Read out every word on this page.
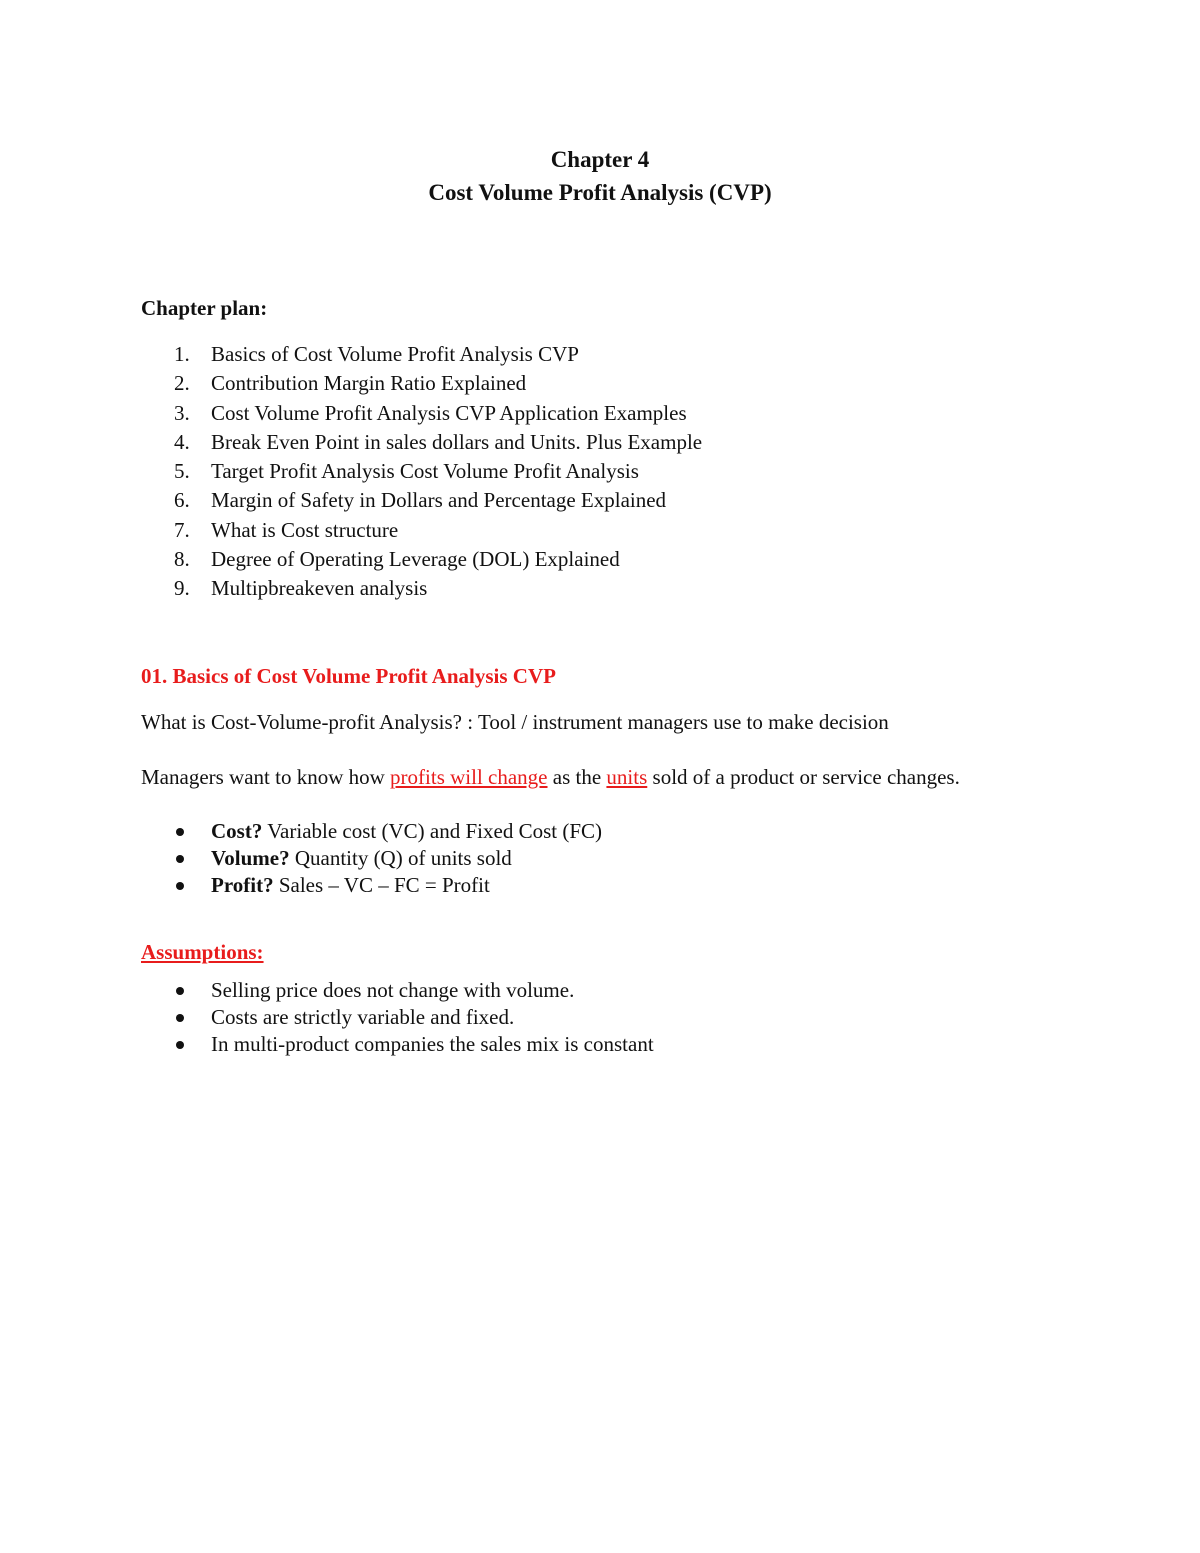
Chapter 4
Cost Volume Profit Analysis (CVP)
Chapter plan:
1.	Basics of Cost Volume Profit Analysis CVP
2.	Contribution Margin Ratio Explained
3.	Cost Volume Profit Analysis CVP Application Examples
4.	Break Even Point in sales dollars and Units. Plus Example
5.	Target Profit Analysis Cost Volume Profit Analysis
6.	Margin of Safety in Dollars and Percentage Explained
7.	What is Cost structure
8.	Degree of Operating Leverage (DOL) Explained
9.	Multipbreakeven analysis
01. Basics of Cost Volume Profit Analysis CVP
What is Cost-Volume-profit Analysis? : Tool / instrument managers use to make decision
Managers want to know how profits will change as the units sold of a product or service changes.
Cost? Variable cost (VC) and Fixed Cost (FC)
Volume? Quantity (Q) of units sold
Profit? Sales – VC – FC = Profit
Assumptions:
Selling price does not change with volume.
Costs are strictly variable and fixed.
In multi-product companies the sales mix is constant
